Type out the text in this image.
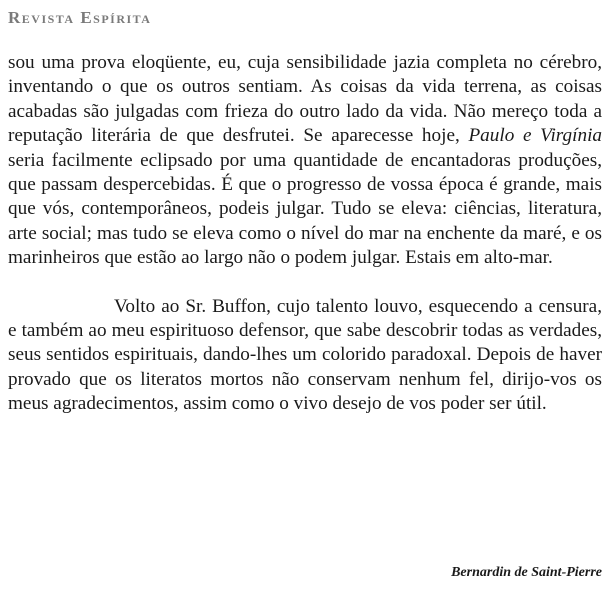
Revista Espírita

sou uma prova eloqüente, eu, cuja sensibilidade jazia completa no cérebro, inventando o que os outros sentiam. As coisas da vida terrena, as coisas acabadas são julgadas com frieza do outro lado da vida. Não mereço toda a reputação literária de que desfrutei. Se aparecesse hoje, Paulo e Virgínia seria facilmente eclipsado por uma quantidade de encantadoras produções, que passam despercebidas. É que o progresso de vossa época é grande, mais que vós, contemporâneos, podeis julgar. Tudo se eleva: ciências, literatura, arte social; mas tudo se eleva como o nível do mar na enchente da maré, e os marinheiros que estão ao largo não o podem julgar. Estais em alto-mar.

Volto ao Sr. Buffon, cujo talento louvo, esquecendo a censura, e também ao meu espirituoso defensor, que sabe descobrir todas as verdades, seus sentidos espirituais, dando-lhes um colorido paradoxal. Depois de haver provado que os literatos mortos não conservam nenhum fel, dirijo-vos os meus agradecimentos, assim como o vivo desejo de vos poder ser útil.

Bernardin de Saint-Pierre
